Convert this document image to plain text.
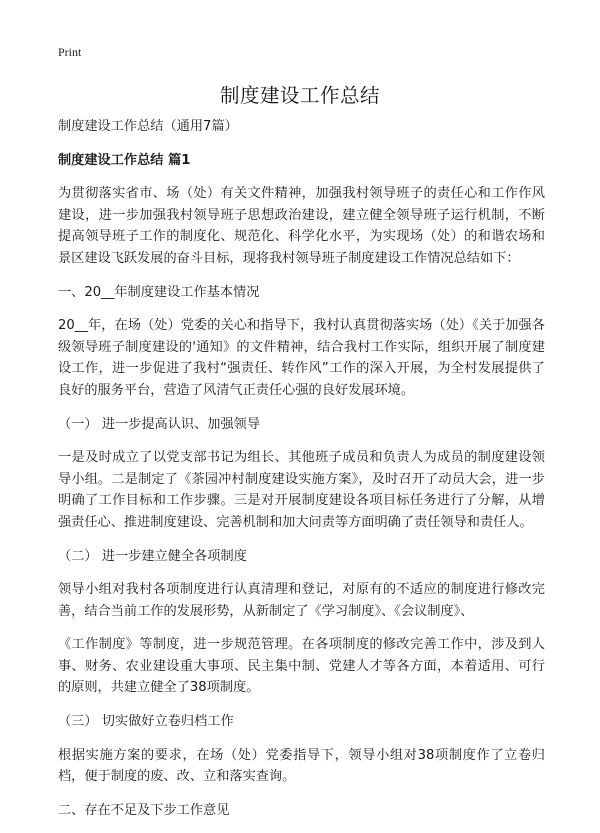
Print
制度建设工作总结

制度建设工作总结（通用7篇）

制度建设工作总结 篇1

为贯彻落实省市、场（处）有关文件精神，加强我村领导班子的责任心和工作作风建设，进一步加强我村领导班子思想政治建设，建立健全领导班子运行机制，不断提高领导班子工作的制度化、规范化、科学化水平，为实现场（处）的和谐农场和景区建设飞跃发展的奋斗目标，现将我村领导班子制度建设工作情况总结如下：

一、20__年制度建设工作基本情况

20__年，在场（处）党委的关心和指导下，我村认真贯彻落实场（处）《关于加强各级领导班子制度建设的'通知》的文件精神，结合我村工作实际，组织开展了制度建设工作，进一步促进了我村“强责任、转作风”工作的深入开展，为全村发展提供了良好的服务平台，营造了风清气正责任心强的良好发展环境。

（一） 进一步提高认识、加强领导

一是及时成立了以党支部书记为组长、其他班子成员和负责人为成员的制度建设领导小组。二是制定了《茶园冲村制度建设实施方案》，及时召开了动员大会，进一步明确了工作目标和工作步骤。三是对开展制度建设各项目标任务进行了分解，从增强责任心、推进制度建设、完善机制和加大问责等方面明确了责任领导和责任人。

（二） 进一步建立健全各项制度

领导小组对我村各项制度进行认真清理和登记，对原有的不适应的制度进行修改完善，结合当前工作的发展形势，从新制定了《学习制度》、《会议制度》、

《工作制度》等制度，进一步规范管理。在各项制度的修改完善工作中，涉及到人事、财务、农业建设重大事项、民主集中制、党建人才等各方面，本着适用、可行的原则，共建立健全了38项制度。

（三） 切实做好立卷归档工作

根据实施方案的要求，在场（处）党委指导下，领导小组对38项制度作了立卷归档，便于制度的废、改、立和落实查询。

二、存在不足及下步工作意见
